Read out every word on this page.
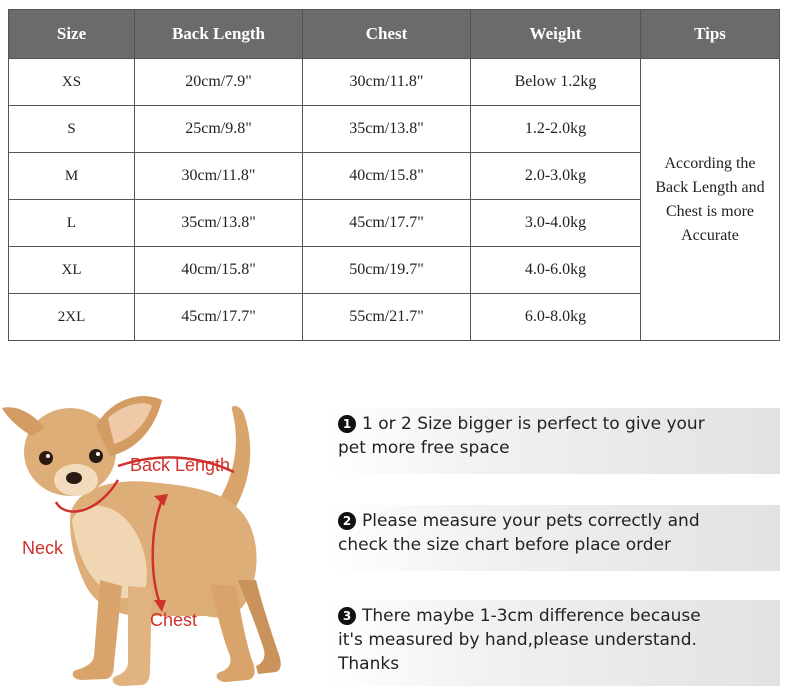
Size	Back Length	Chest	Weight	Tips
XS	20cm/7.9"	30cm/11.8"	Below 1.2kg	According the
Back Length and
Chest is more
Accurate

S	25cm/9.8"	35cm/13.8"	1.2-2.0kg	
M	30cm/11.8"	40cm/15.8"	2.0-3.0kg	
L	35cm/13.8"	45cm/17.7"	3.0-4.0kg	
XL	40cm/15.8"	50cm/19.7"	4.0-6.0kg	
2XL	45cm/17.7"	55cm/21.7"	6.0-8.0kg	
Back Length
Neck
Chest
1 1 or 2 Size bigger is perfect to give your
pet more free space
2 Please measure your pets correctly and
check the size chart before place order
3 There maybe 1-3cm difference because
it's measured by hand,please understand.
Thanks
